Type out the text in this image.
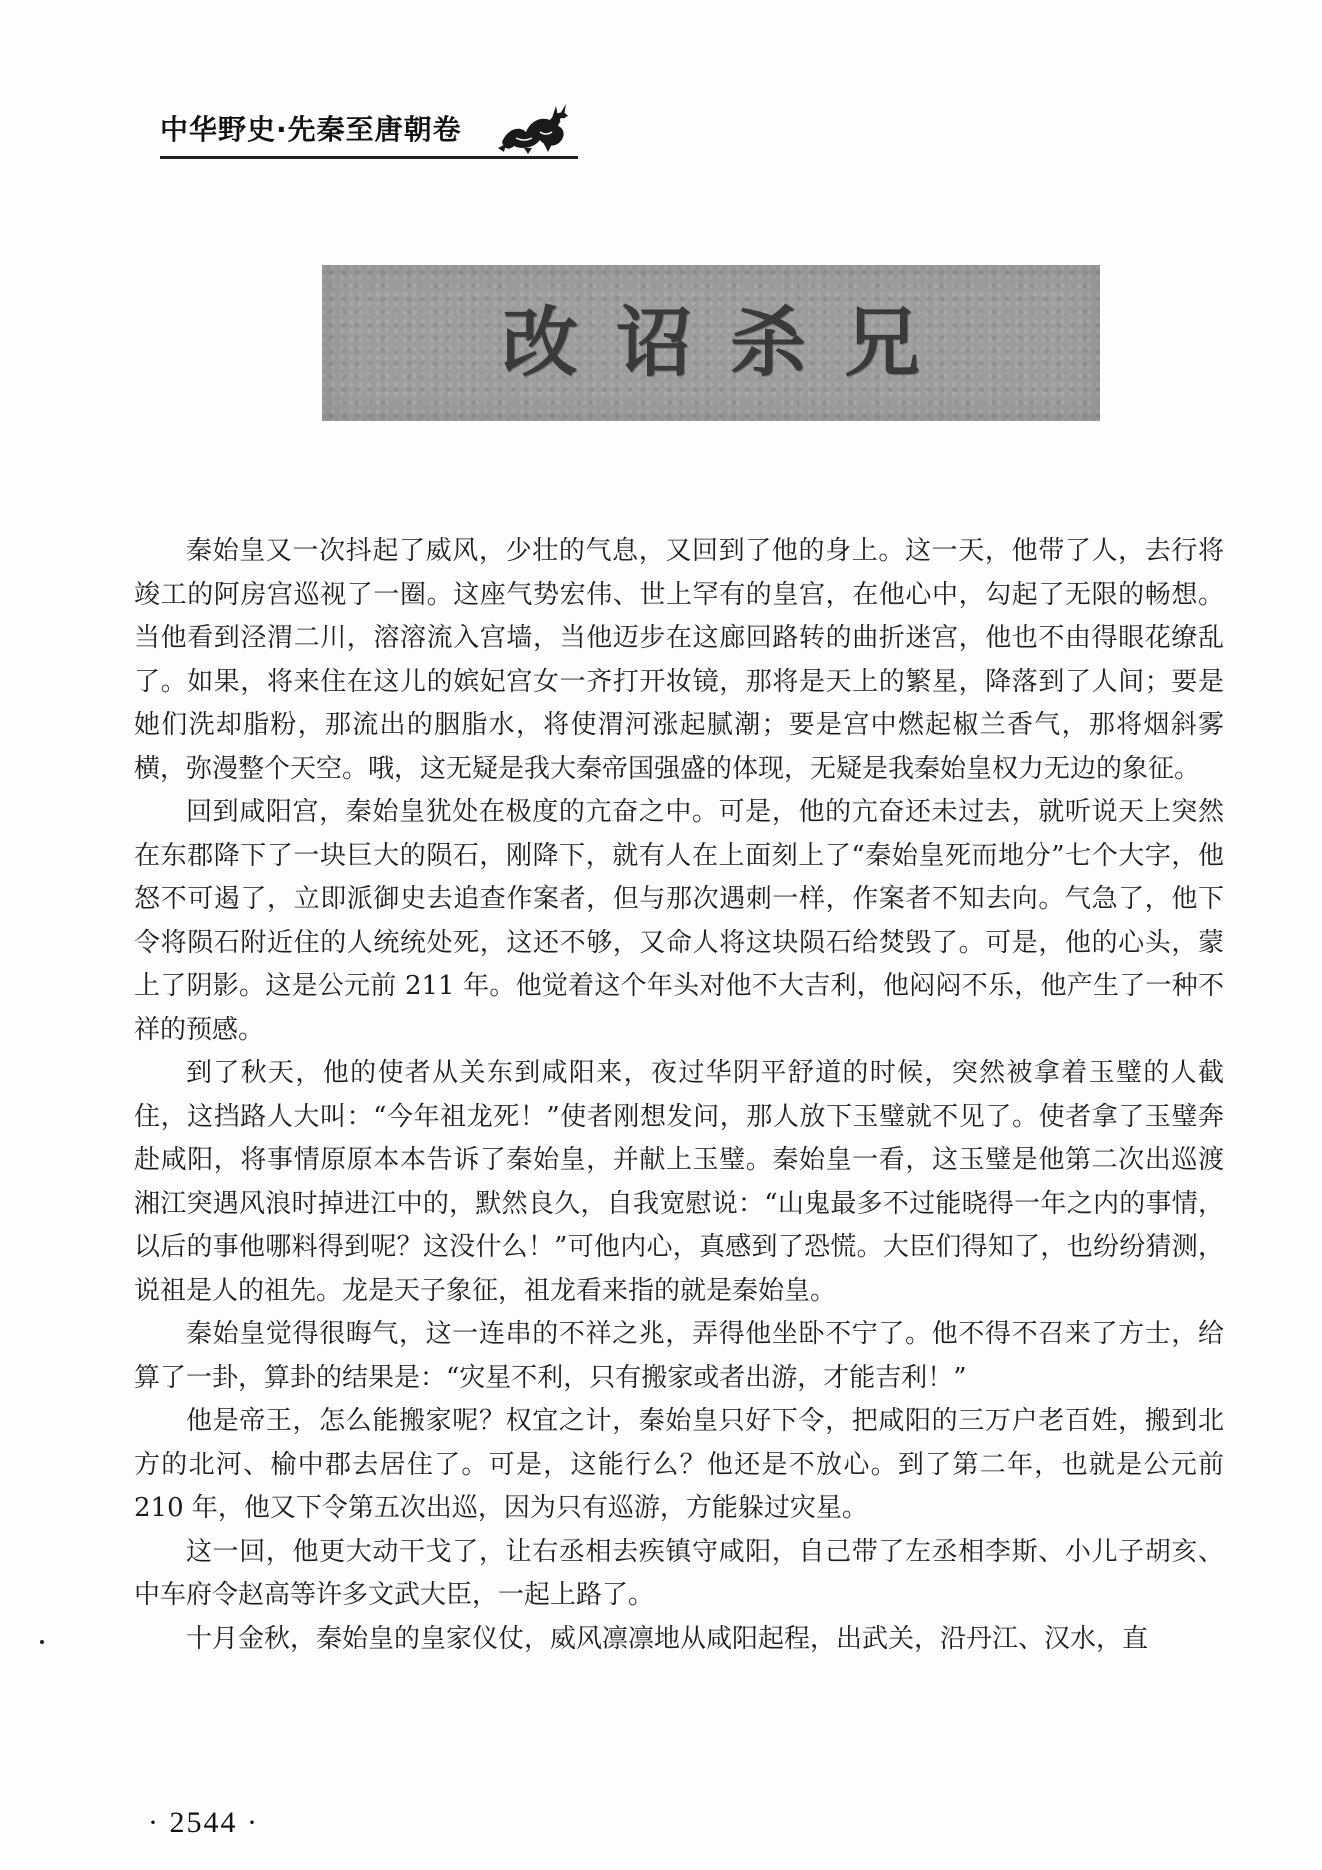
中华野史·先秦至唐朝卷
改诏杀兄

秦始皇又一次抖起了威风，少壮的气息，又回到了他的身上。这一天，他带了人，去行将竣工的阿房宫巡视了一圈。这座气势宏伟、世上罕有的皇宫，在他心中，勾起了无限的畅想。当他看到泾渭二川，溶溶流入宫墙，当他迈步在这廊回路转的曲折迷宫，他也不由得眼花缭乱了。如果，将来住在这儿的嫔妃宫女一齐打开妆镜，那将是天上的繁星，降落到了人间；要是她们洗却脂粉，那流出的胭脂水，将使渭河涨起腻潮；要是宫中燃起椒兰香气，那将烟斜雾横，弥漫整个天空。哦，这无疑是我大秦帝国强盛的体现，无疑是我秦始皇权力无边的象征。

回到咸阳宫，秦始皇犹处在极度的亢奋之中。可是，他的亢奋还未过去，就听说天上突然在东郡降下了一块巨大的陨石，刚降下，就有人在上面刻上了“秦始皇死而地分”七个大字，他怒不可遏了，立即派御史去追查作案者，但与那次遇刺一样，作案者不知去向。气急了，他下令将陨石附近住的人统统处死，这还不够，又命人将这块陨石给焚毁了。可是，他的心头，蒙上了阴影。这是公元前 211 年。他觉着这个年头对他不大吉利，他闷闷不乐，他产生了一种不祥的预感。

到了秋天，他的使者从关东到咸阳来，夜过华阴平舒道的时候，突然被拿着玉璧的人截住，这挡路人大叫：“今年祖龙死！”使者刚想发问，那人放下玉璧就不见了。使者拿了玉璧奔赴咸阳，将事情原原本本告诉了秦始皇，并献上玉璧。秦始皇一看，这玉璧是他第二次出巡渡湘江突遇风浪时掉进江中的，默然良久，自我宽慰说：“山鬼最多不过能晓得一年之内的事情，以后的事他哪料得到呢？这没什么！”可他内心，真感到了恐慌。大臣们得知了，也纷纷猜测，说祖是人的祖先。龙是天子象征，祖龙看来指的就是秦始皇。

秦始皇觉得很晦气，这一连串的不祥之兆，弄得他坐卧不宁了。他不得不召来了方士，给算了一卦，算卦的结果是：“灾星不利，只有搬家或者出游，才能吉利！”

他是帝王，怎么能搬家呢？权宜之计，秦始皇只好下令，把咸阳的三万户老百姓，搬到北方的北河、榆中郡去居住了。可是，这能行么？他还是不放心。到了第二年，也就是公元前 210 年，他又下令第五次出巡，因为只有巡游，方能躲过灾星。

这一回，他更大动干戈了，让右丞相去疾镇守咸阳，自己带了左丞相李斯、小儿子胡亥、中车府令赵高等许多文武大臣，一起上路了。

十月金秋，秦始皇的皇家仪仗，威风凛凛地从咸阳起程，出武关，沿丹江、汉水，直

· 2544 ·
